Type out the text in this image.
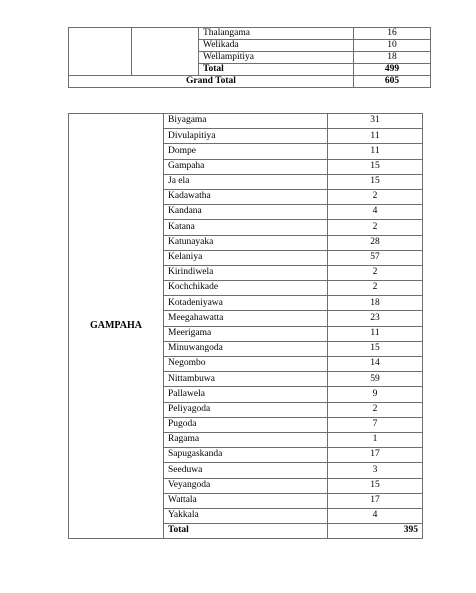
		Thalangama	16
		Welikada	10
		Wellampitiya	18
		Total	499
Grand Total			605
GAMPAHA	Biyagama	31
	Divulapitiya	11
	Dompe	11
	Gampaha	15
	Ja ela	15
	Kadawatha	2
	Kandana	4
	Katana	2
	Katunayaka	28
	Kelaniya	57
	Kirindiwela	2
	Kochchikade	2
	Kotadeniyawa	18
	Meegahawatta	23
	Meerigama	11
	Minuwangoda	15
	Negombo	14
	Nittambuwa	59
	Pallawela	9
	Peliyagoda	2
	Pugoda	7
	Ragama	1
	Sapugaskanda	17
	Seeduwa	3
	Veyangoda	15
	Wattala	17
	Yakkala	4
	Total	395
